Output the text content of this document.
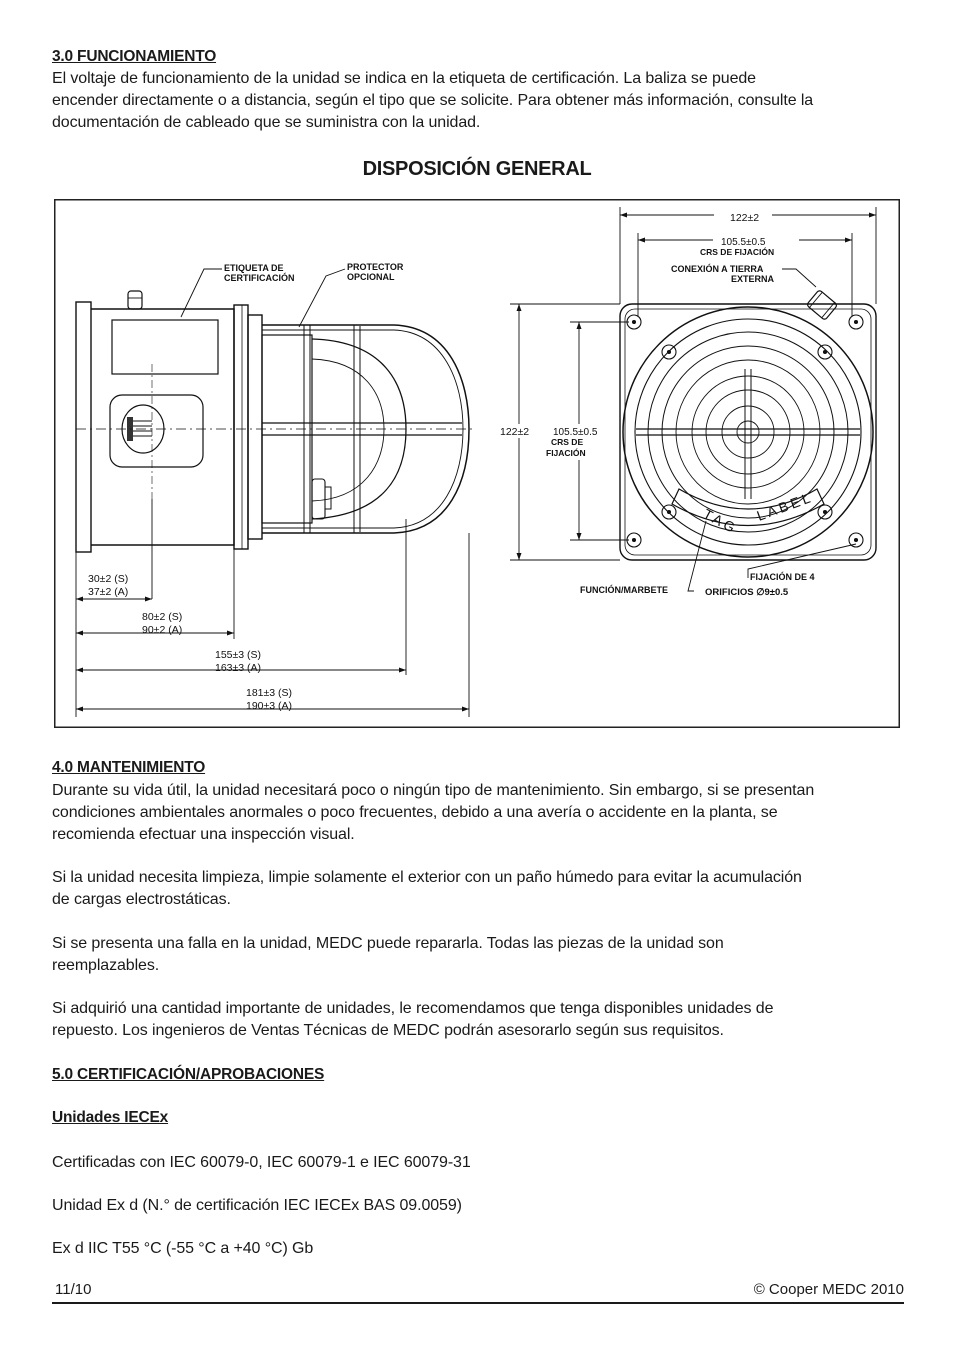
3.0 FUNCIONAMIENTO
El voltaje de funcionamiento de la unidad se indica en la etiqueta de certificación. La baliza se puede
encender directamente o a distancia, según el tipo que se solicite. Para obtener más información, consulte la
documentación de cableado que se suministra con la unidad.
DISPOSICIÓN GENERAL
ETIQUETA DE
CERTIFICACIÓN
PROTECTOR
OPCIONAL
30±2 (S)
37±2 (A)
80±2 (S)
90±2 (A)
155±3 (S)
163±3 (A)
181±3 (S)
190±3 (A)
TAG LABEL
122±2
105.5±0.5
CRS DE FIJACIÓN
122±2 105.5±0.5
CRS DE
FIJACIÓN
CONEXIÓN A TIERRA
EXTERNA
FUNCIÓN/MARBETE
FIJACIÓN DE 4
ORIFICIOS ∅9±0.5
4.0 MANTENIMIENTO
Durante su vida útil, la unidad necesitará poco o ningún tipo de mantenimiento. Sin embargo, si se presentan
condiciones ambientales anormales o poco frecuentes, debido a una avería o accidente en la planta, se
recomienda efectuar una inspección visual.
Si la unidad necesita limpieza, limpie solamente el exterior con un paño húmedo para evitar la acumulación
de cargas electrostáticas.
Si se presenta una falla en la unidad, MEDC puede repararla. Todas las piezas de la unidad son
reemplazables.
Si adquirió una cantidad importante de unidades, le recomendamos que tenga disponibles unidades de
repuesto. Los ingenieros de Ventas Técnicas de MEDC podrán asesorarlo según sus requisitos.
5.0 CERTIFICACIÓN/APROBACIONES
Unidades IECEx
Certificadas con IEC 60079-0, IEC 60079-1 e IEC 60079-31
Unidad Ex d (N.° de certificación IEC IECEx BAS 09.0059)
Ex d IIC T55 °C (-55 °C a +40 °C) Gb
11/10	© Cooper MEDC 2010
